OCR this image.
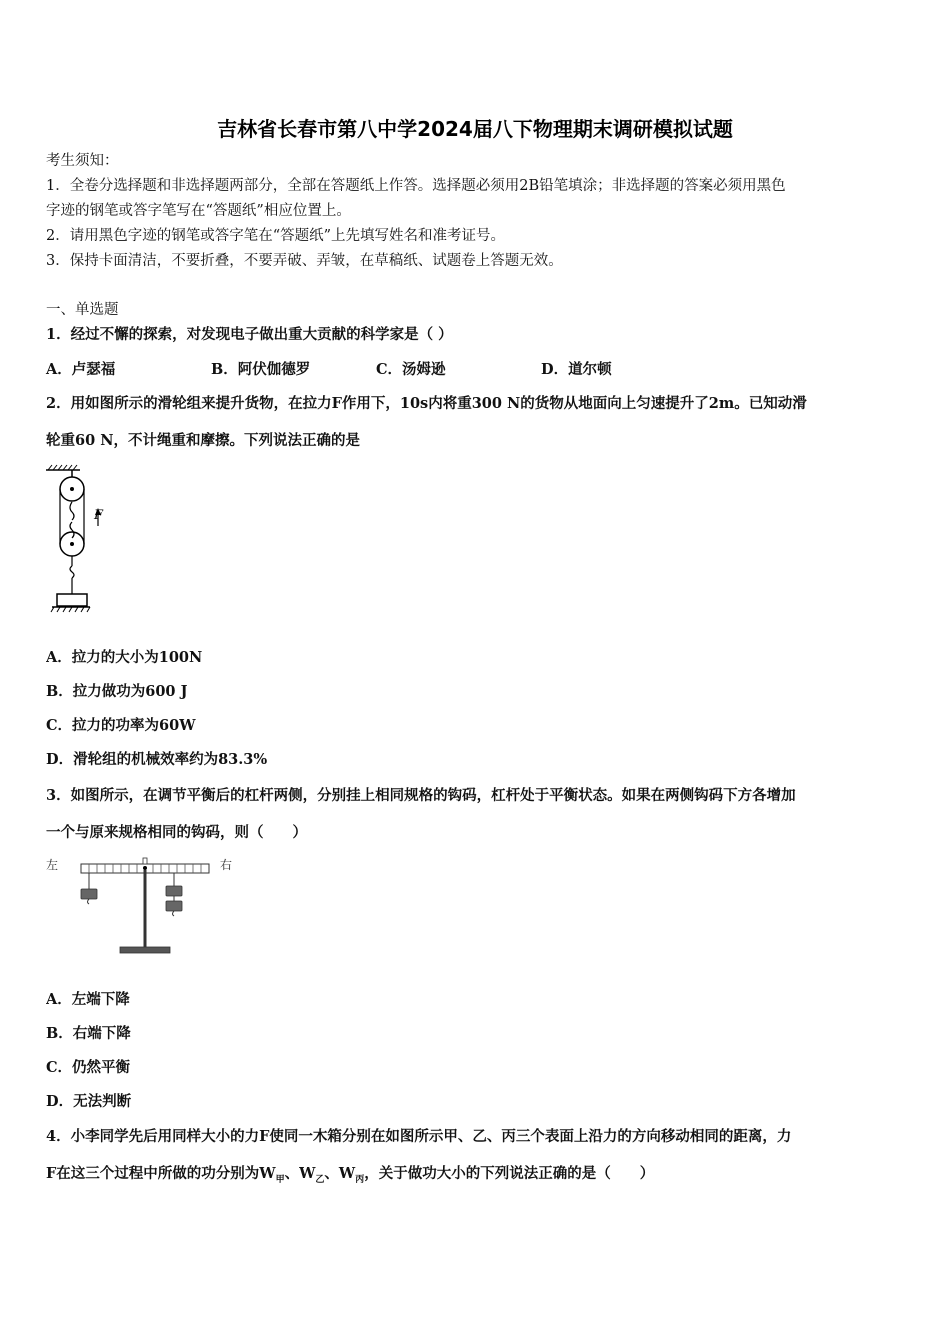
吉林省长春市第八中学2024届八下物理期末调研模拟试题
考生须知：
1．全卷分选择题和非选择题两部分，全部在答题纸上作答。选择题必须用2B铅笔填涂；非选择题的答案必须用黑色
字迹的钢笔或答字笔写在“答题纸”相应位置上。
2．请用黑色字迹的钢笔或答字笔在“答题纸”上先填写姓名和准考证号。
3．保持卡面清洁，不要折叠，不要弄破、弄皱，在草稿纸、试题卷上答题无效。
一、单选题
1．经过不懈的探索，对发现电子做出重大贡献的科学家是（ ）
A．卢瑟福	B．阿伏伽德罗	C．汤姆逊	D．道尔顿
2．用如图所示的滑轮组来提升货物，在拉力F作用下，10s内将重300 N的货物从地面向上匀速提升了2m。已知动滑
轮重60 N，不计绳重和摩擦。下列说法正确的是
F
A．拉力的大小为100N
B．拉力做功为600 J
C．拉力的功率为60W
D．滑轮组的机械效率约为83.3%
3．如图所示，在调节平衡后的杠杆两侧，分别挂上相同规格的钩码，杠杆处于平衡状态。如果在两侧钩码下方各增加
一个与原来规格相同的钩码，则（　　）
左	右
A．左端下降
B．右端下降
C．仍然平衡
D．无法判断
4．小李同学先后用同样大小的力F使同一木箱分别在如图所示甲、乙、丙三个表面上沿力的方向移动相同的距离，力
F在这三个过程中所做的功分别为$W_甲$、$W_乙$、$W_丙$，关于做功大小的下列说法正确的是（　　）
